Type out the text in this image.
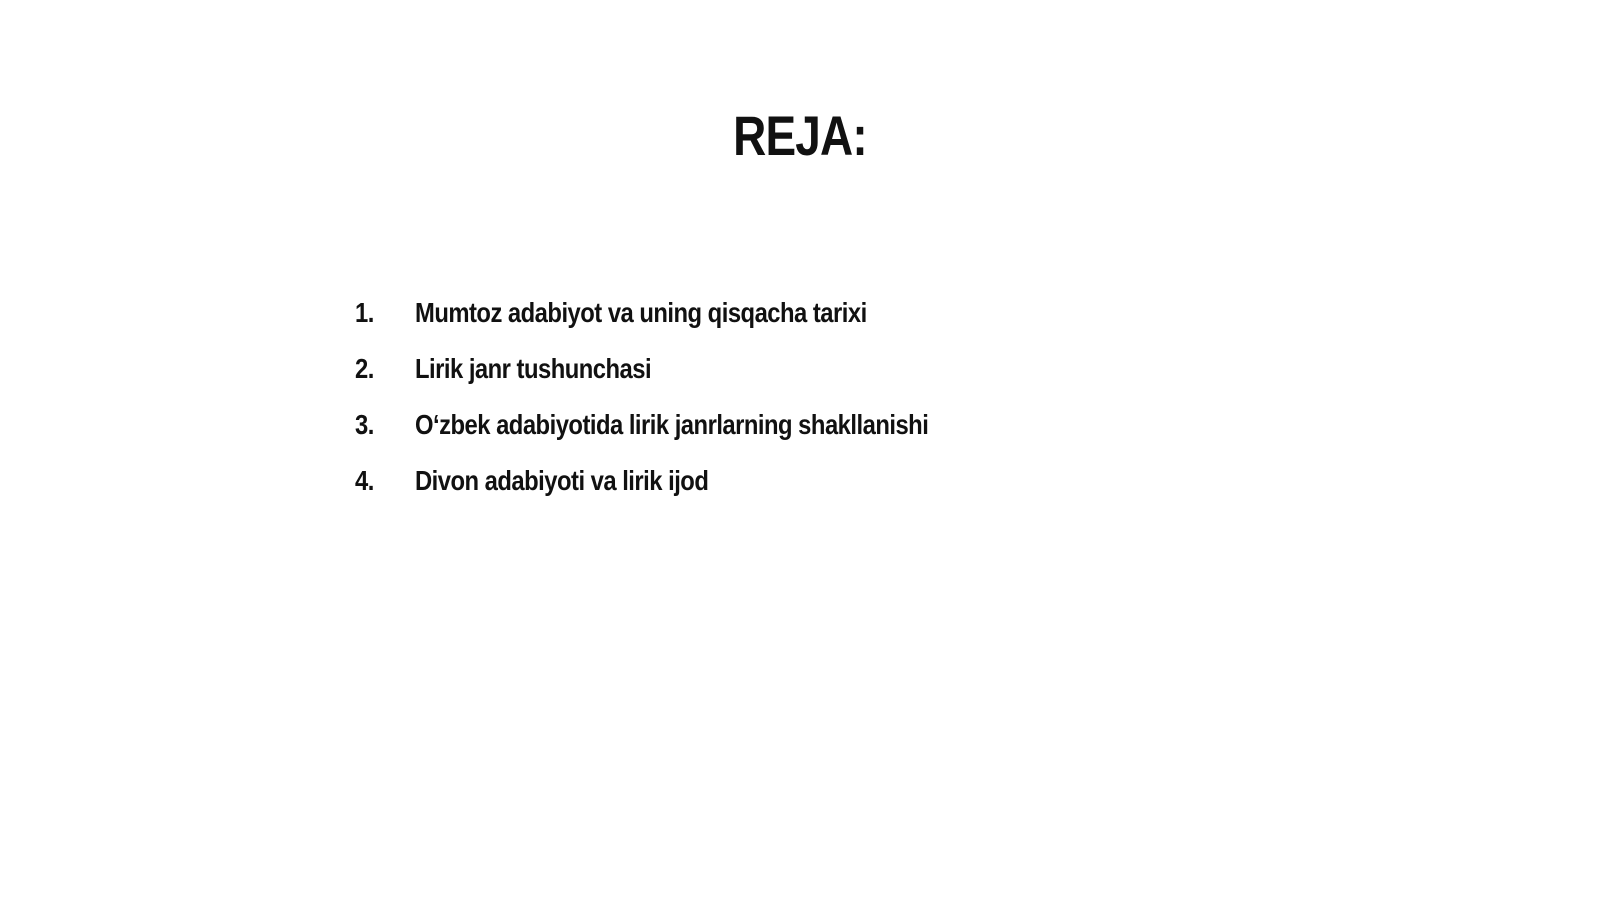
REJA:
1.	Mumtoz adabiyot va uning qisqacha tarixi
2.	Lirik janr tushunchasi
3.	O‘zbek adabiyotida lirik janrlarning shakllanishi
4.	Divon adabiyoti va lirik ijod
